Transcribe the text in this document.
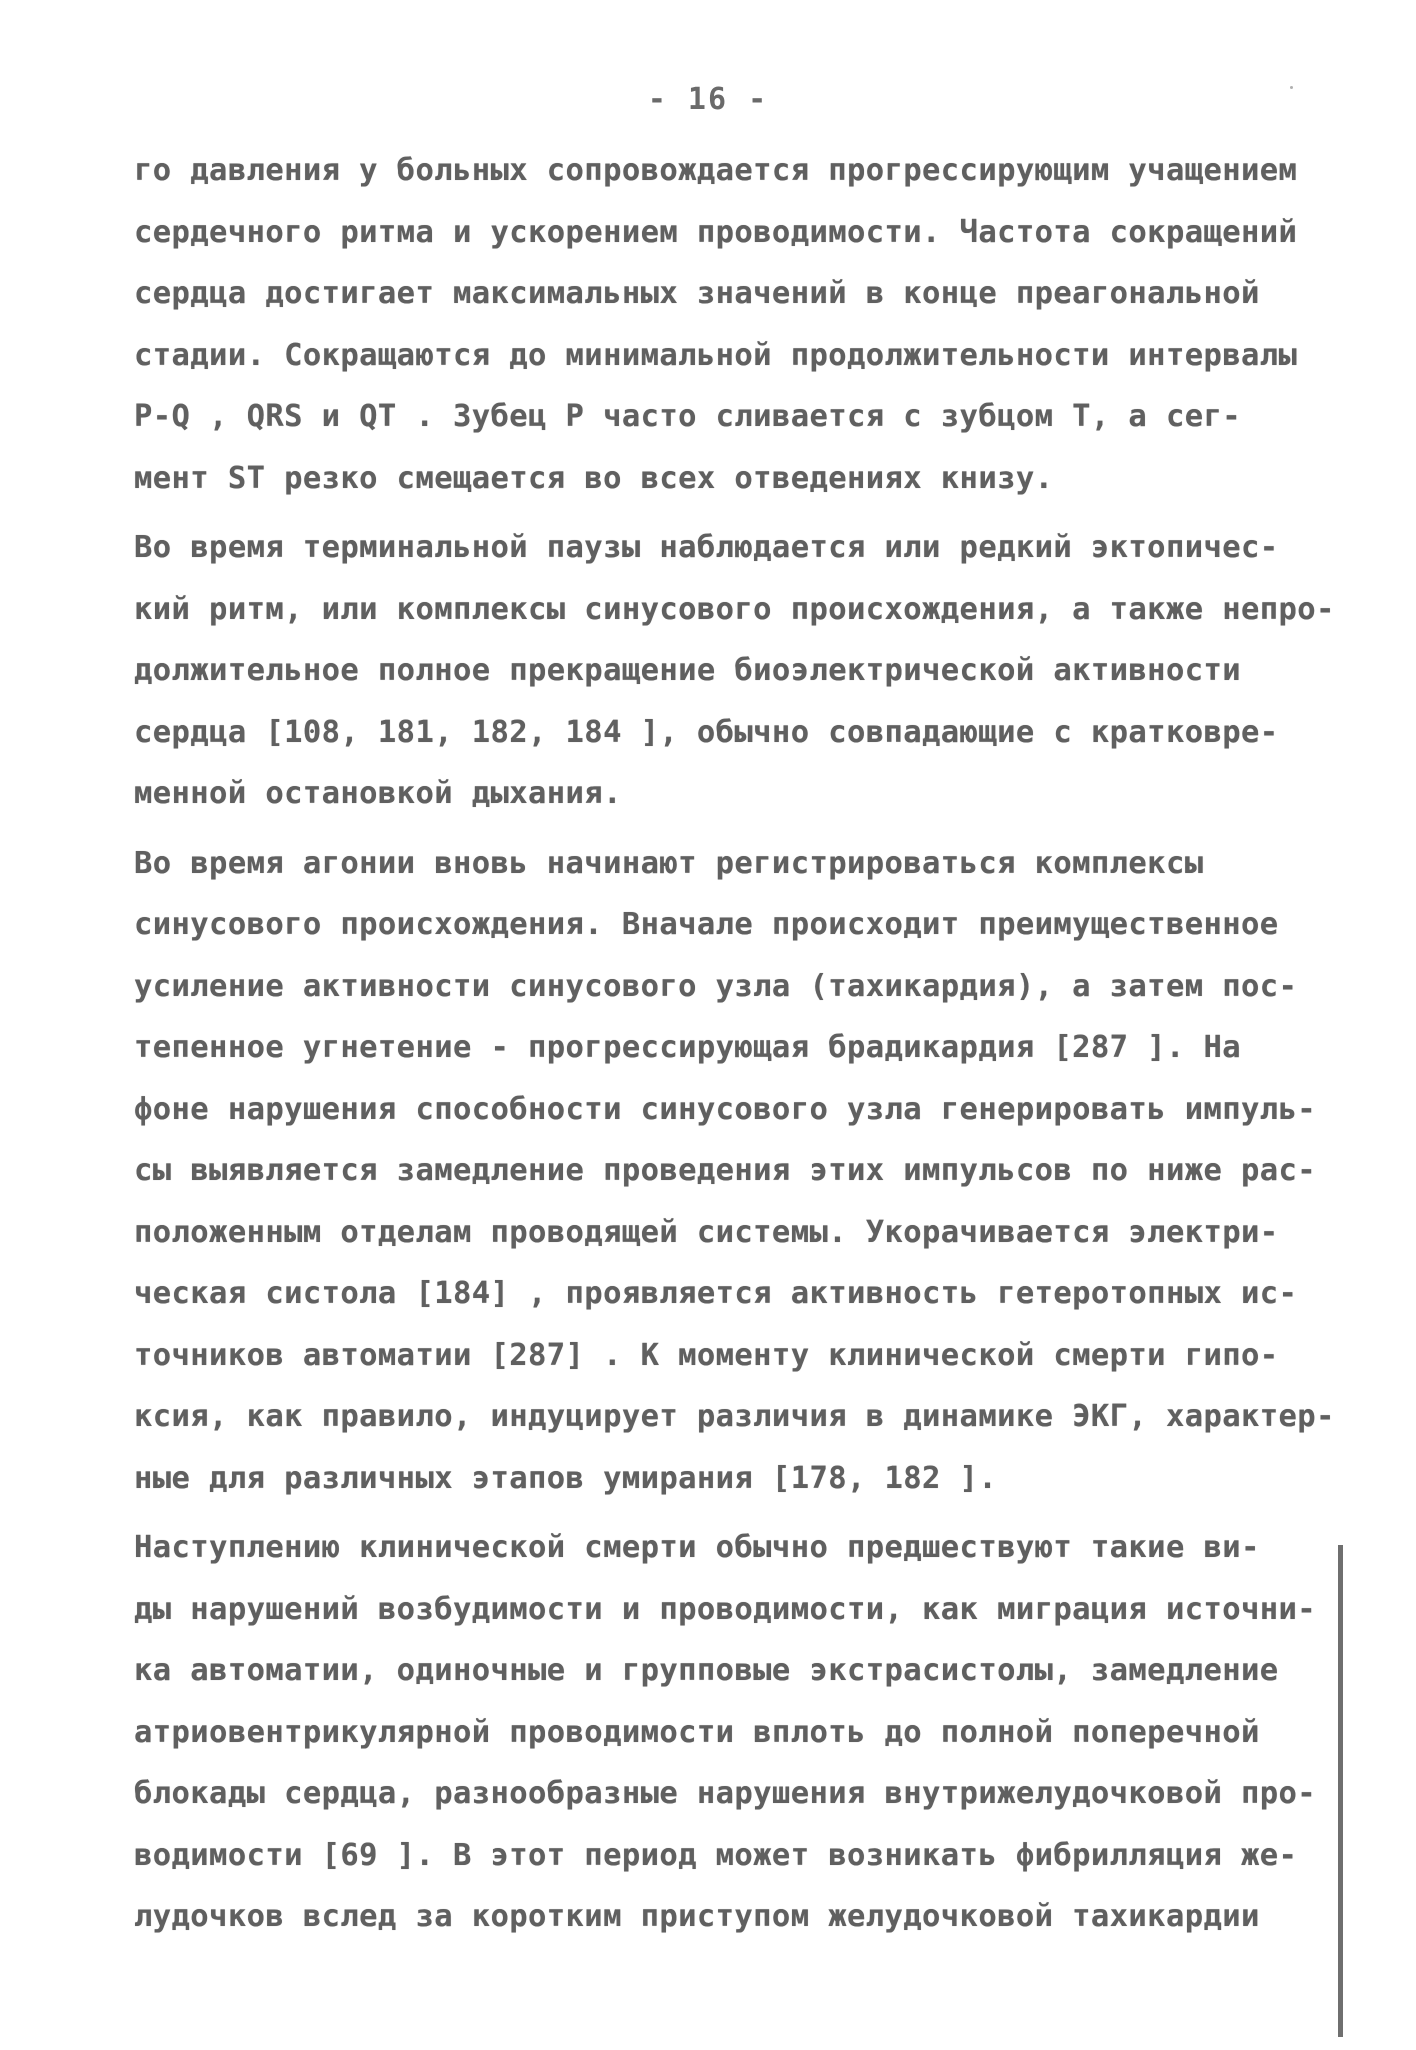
- 16 -
го давления у больных сопровождается прогрессирующим учащением
сердечного ритма и ускорением проводимости. Частота сокращений
сердца достигает максимальных значений в конце преагональной
стадии. Сокращаются до минимальной продолжительности интервалы
P-Q , QRS и QT . Зубец P часто сливается с зубцом T, а сег-
мент ST резко смещается во всех отведениях книзу.
Во время терминальной паузы наблюдается или редкий эктопичес-
кий ритм, или комплексы синусового происхождения, а также непро-
должительное полное прекращение биоэлектрической активности
сердца [108, 181, 182, 184 ], обычно совпадающие с кратковре-
менной остановкой дыхания.
Во время агонии вновь начинают регистрироваться комплексы
синусового происхождения. Вначале происходит преимущественное
усиление активности синусового узла (тахикардия), а затем пос-
тепенное угнетение - прогрессирующая брадикардия [287 ]. На
фоне нарушения способности синусового узла генерировать импуль-
сы выявляется замедление проведения этих импульсов по ниже рас-
положенным отделам проводящей системы. Укорачивается электри-
ческая систола [184] , проявляется активность гетеротопных ис-
точников автоматии [287] . К моменту клинической смерти гипо-
ксия, как правило, индуцирует различия в динамике ЭКГ, характер-
ные для различных этапов умирания [178, 182 ].
Наступлению клинической смерти обычно предшествуют такие ви-
ды нарушений возбудимости и проводимости, как миграция источни-
ка автоматии, одиночные и групповые экстрасистолы, замедление
атриовентрикулярной проводимости вплоть до полной поперечной
блокады сердца, разнообразные нарушения внутрижелудочковой про-
водимости [69 ]. В этот период может возникать фибрилляция же-
лудочков вслед за коротким приступом желудочковой тахикардии
